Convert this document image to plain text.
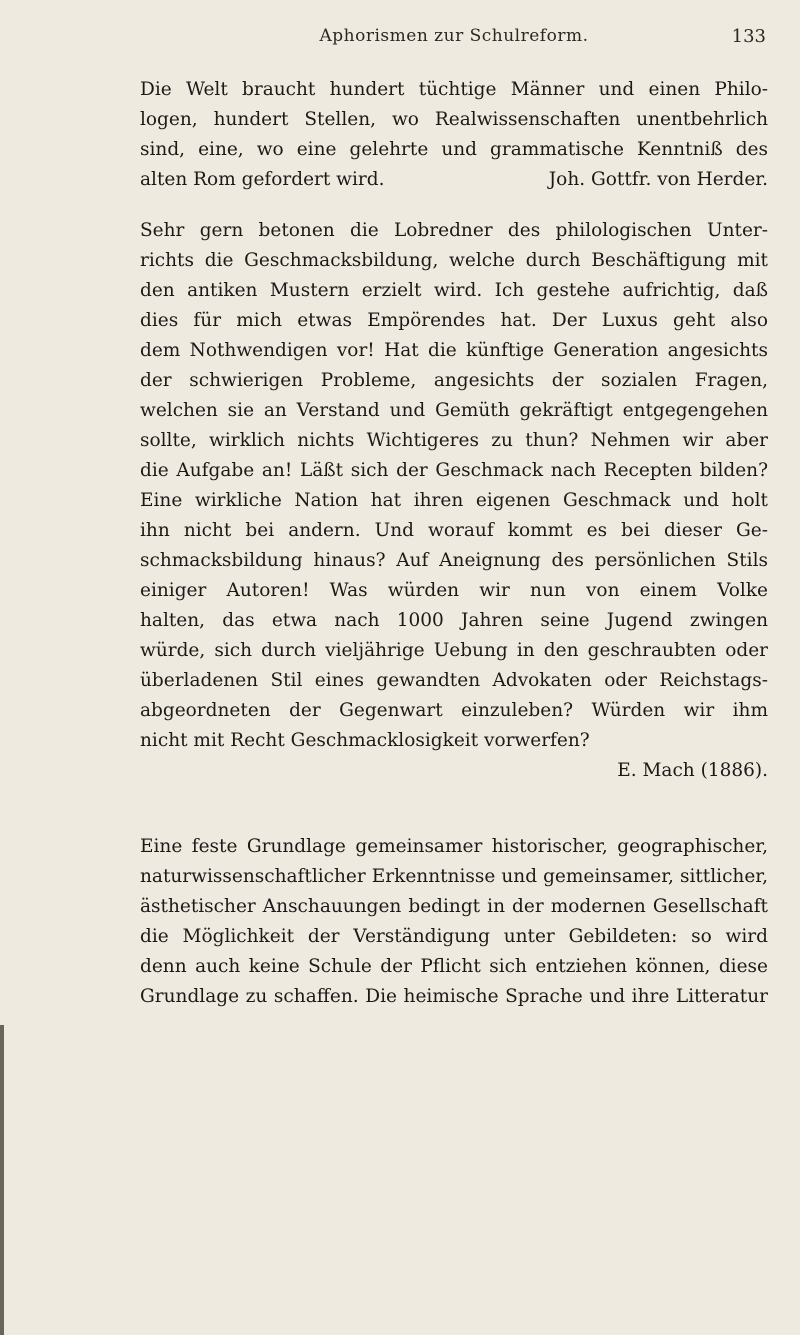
Aphorismen zur Schulreform.	133
Die Welt braucht hundert tüchtige Männer und einen Philo-
logen, hundert Stellen, wo Realwissenschaften unentbehrlich
sind, eine, wo eine gelehrte und grammatische Kenntniß des
alten Rom gefordert wird.	Joh. Gottfr. von Herder.
Sehr gern betonen die Lobredner des philologischen Unter-
richts die Geschmacksbildung, welche durch Beschäftigung mit
den antiken Mustern erzielt wird. Ich gestehe aufrichtig, daß
dies für mich etwas Empörendes hat. Der Luxus geht also
dem Nothwendigen vor! Hat die künftige Generation angesichts
der schwierigen Probleme, angesichts der sozialen Fragen,
welchen sie an Verstand und Gemüth gekräftigt entgegengehen
sollte, wirklich nichts Wichtigeres zu thun? Nehmen wir aber
die Aufgabe an! Läßt sich der Geschmack nach Recepten bilden?
Eine wirkliche Nation hat ihren eigenen Geschmack und holt
ihn nicht bei andern. Und worauf kommt es bei dieser Ge-
schmacksbildung hinaus? Auf Aneignung des persönlichen Stils
einiger Autoren! Was würden wir nun von einem Volke
halten, das etwa nach 1000 Jahren seine Jugend zwingen
würde, sich durch vieljährige Uebung in den geschraubten oder
überladenen Stil eines gewandten Advokaten oder Reichstags-
abgeordneten der Gegenwart einzuleben? Würden wir ihm
nicht mit Recht Geschmacklosigkeit vorwerfen?
E. Mach (1886).
Eine feste Grundlage gemeinsamer historischer, geographischer,
naturwissenschaftlicher Erkenntnisse und gemeinsamer, sittlicher,
ästhetischer Anschauungen bedingt in der modernen Gesellschaft
die Möglichkeit der Verständigung unter Gebildeten: so wird
denn auch keine Schule der Pflicht sich entziehen können, diese
Grundlage zu schaffen. Die heimische Sprache und ihre Litteratur
